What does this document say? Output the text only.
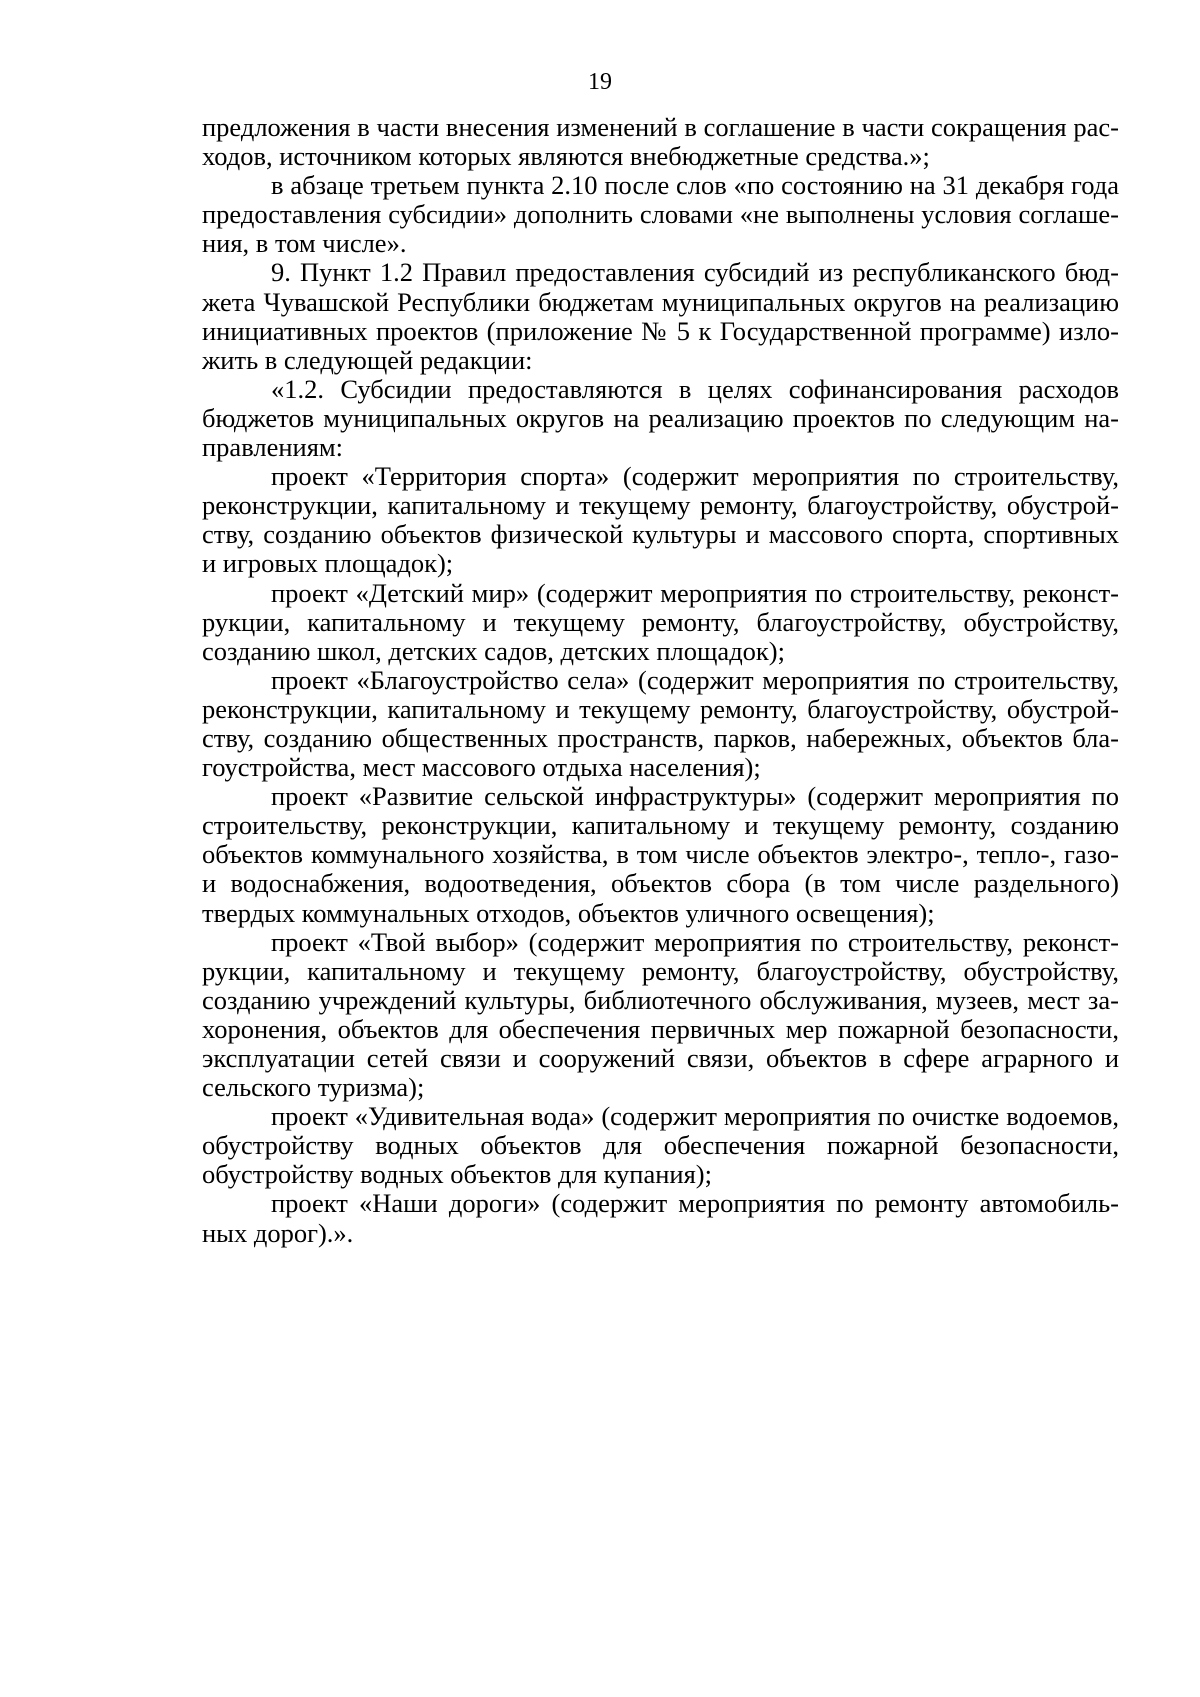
19

предложения в части внесения изменений в соглашение в части сокращения расходов, источником которых являются внебюджетные средства.»;

в абзаце третьем пункта 2.10 после слов «по состоянию на 31 декабря года предоставления субсидии» дополнить словами «не выполнены условия соглашения, в том числе».

9. Пункт 1.2 Правил предоставления субсидий из республиканского бюджета Чувашской Республики бюджетам муниципальных округов на реализацию инициативных проектов (приложение № 5 к Государственной программе) изложить в следующей редакции:

«1.2. Субсидии предоставляются в целях софинансирования расходов бюджетов муниципальных округов на реализацию проектов по следующим направлениям:

проект «Территория спорта» (содержит мероприятия по строительству, реконструкции, капитальному и текущему ремонту, благоустройству, обустройству, созданию объектов физической культуры и массового спорта, спортивных и игровых площадок);

проект «Детский мир» (содержит мероприятия по строительству, реконструкции, капитальному и текущему ремонту, благоустройству, обустройству, созданию школ, детских садов, детских площадок);

проект «Благоустройство села» (содержит мероприятия по строительству, реконструкции, капитальному и текущему ремонту, благоустройству, обустройству, созданию общественных пространств, парков, набережных, объектов благоустройства, мест массового отдыха населения);

проект «Развитие сельской инфраструктуры» (содержит мероприятия по строительству, реконструкции, капитальному и текущему ремонту, созданию объектов коммунального хозяйства, в том числе объектов электро-, тепло-, газо- и водоснабжения, водоотведения, объектов сбора (в том числе раздельного) твердых коммунальных отходов, объектов уличного освещения);

проект «Твой выбор» (содержит мероприятия по строительству, реконструкции, капитальному и текущему ремонту, благоустройству, обустройству, созданию учреждений культуры, библиотечного обслуживания, музеев, мест захоронения, объектов для обеспечения первичных мер пожарной безопасности, эксплуатации сетей связи и сооружений связи, объектов в сфере аграрного и сельского туризма);

проект «Удивительная вода» (содержит мероприятия по очистке водоемов, обустройству водных объектов для обеспечения пожарной безопасности, обустройству водных объектов для купания);

проект «Наши дороги» (содержит мероприятия по ремонту автомобильных дорог).».
